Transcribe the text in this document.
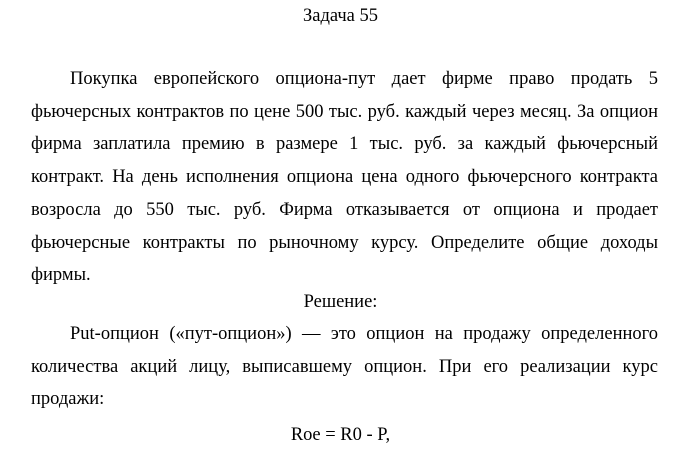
Задача 55

Покупка европейского опциона-пут дает фирме право продать 5 фьючерсных контрактов по цене 500 тыс. руб. каждый через месяц. За опцион фирма заплатила премию в размере 1 тыс. руб. за каждый фьючерсный контракт. На день исполнения опциона цена одного фьючерсного контракта возросла до 550 тыс. руб. Фирма отказывается от опциона и продает фьючерсные контракты по рыночному курсу. Определите общие доходы фирмы.

Решение:

Put-опцион («пут-опцион») — это опцион на продажу определенного количества акций лицу, выписавшему опцион. При его реализации курс продажи:

Roe = R0 - P,
